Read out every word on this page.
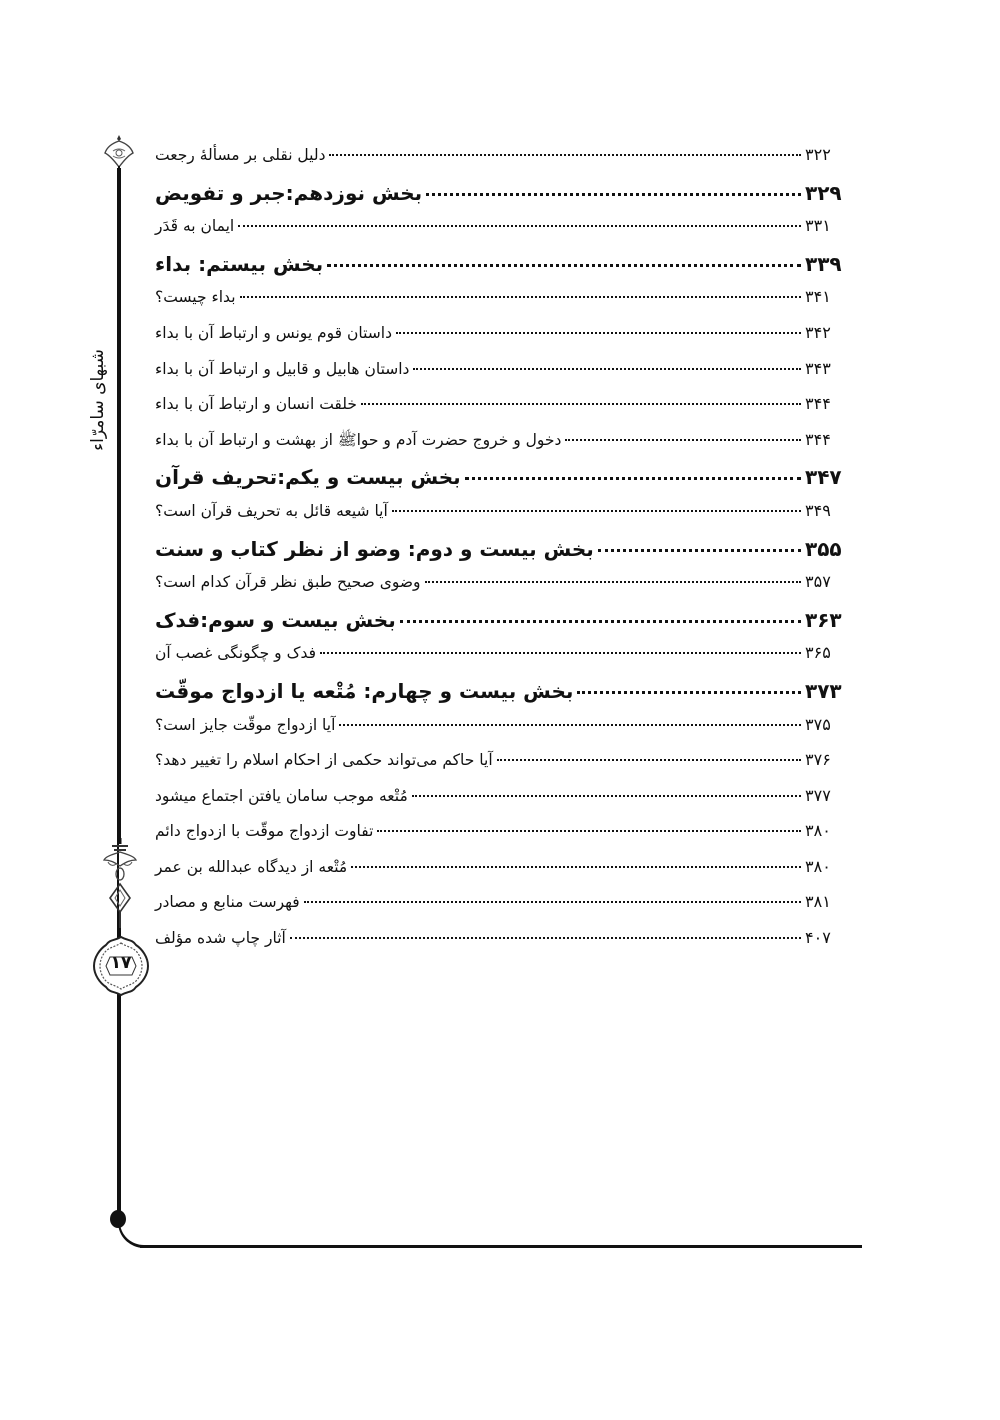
شبهای سامرّاء
۱۷
دلیل نقلی بر مسألۀ رجعت	۳۲۲
بخش نوزدهم:جبر و تفویض	۳۲۹
ایمان به قَدَر	۳۳۱
بخش بیستم: بداء	۳۳۹
بداء چیست؟	۳۴۱
داستان قوم یونس و ارتباط آن با بداء	۳۴۲
داستان هابیل و قابیل و ارتباط آن با بداء	۳۴۳
خلقت انسان و ارتباط آن با بداء	۳۴۴
دخول و خروج حضرت آدم و حواﷺ از بهشت و ارتباط آن با بداء	۳۴۴
بخش بیست و یکم:تحریف قرآن	۳۴۷
آیا شیعه قائل به تحریف قرآن است؟	۳۴۹
بخش بیست و دوم: وضو از نظر کتاب و سنت	۳۵۵
وضوی صحیح طبق نظر قرآن کدام است؟	۳۵۷
بخش بیست و سوم:فدک	۳۶۳
فدک و چگونگی غصب آن	۳۶۵
بخش بیست و چهارم: مُتْعه یا ازدواج موقّت	۳۷۳
آیا ازدواج موقّت جایز است؟	۳۷۵
آیا حاکم می‌تواند حکمی از احکام اسلام را تغییر دهد؟	۳۷۶
مُتْعه موجب سامان یافتن اجتماع میشود	۳۷۷
تفاوت ازدواج موقّت با ازدواج دائم	۳۸۰
مُتْعه از دیدگاه عبدالله بن عمر	۳۸۰
فهرست منابع و مصادر	۳۸۱
آثار چاپ شده مؤلف	۴۰۷
